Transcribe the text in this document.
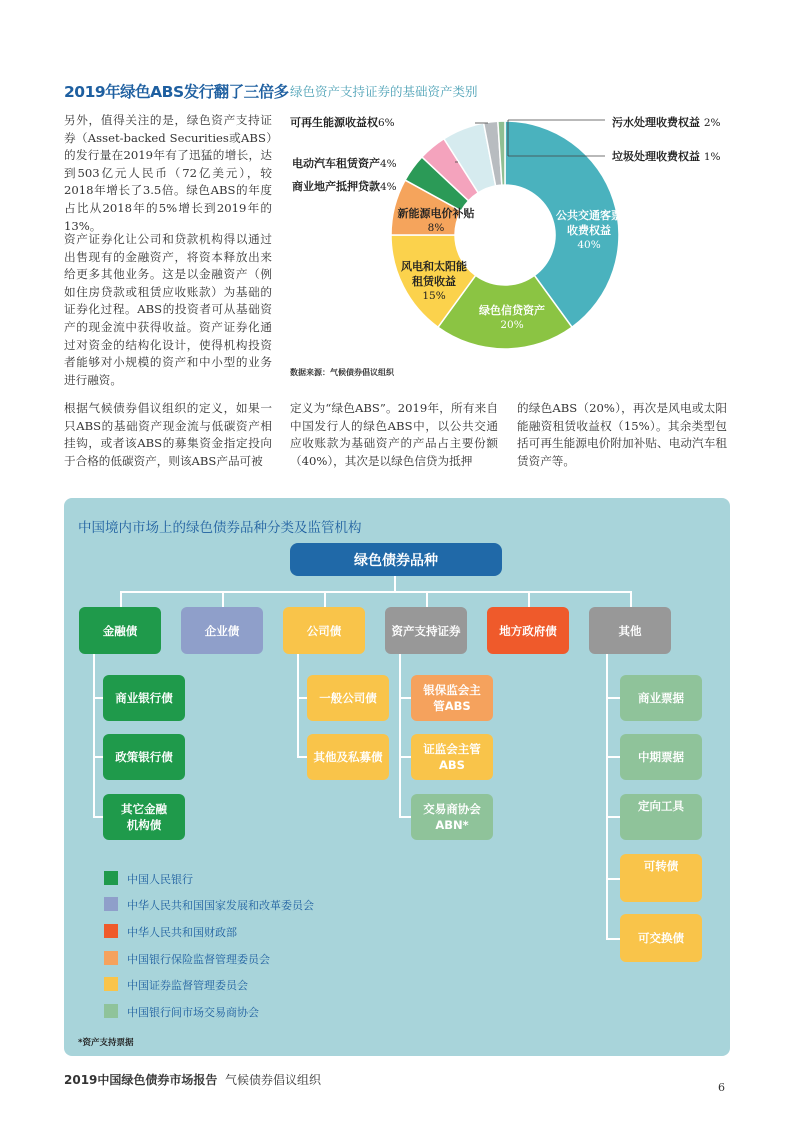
2019年绿色ABS发行翻了三倍多
另外，值得关注的是，绿色资产支持证券（Asset-backed Securities或ABS）的发行量在2019年有了迅猛的增长，达到503亿元人民币（72亿美元），较2018年增长了3.5倍。绿色ABS的年度占比从2018年的5%增长到2019年的13%。
资产证券化让公司和贷款机构得以通过出售现有的金融资产，将资本释放出来给更多其他业务。这是以金融资产（例如住房贷款或租赁应收账款）为基础的证券化过程。ABS的投资者可从基础资产的现金流中获得收益。资产证券化通过对资金的结构化设计，使得机构投资者能够对小规模的资产和中小型的业务进行融资。
绿色资产支持证券的基础资产类别
可再生能源收益权6%
电动汽车租赁资产4%
商业地产抵押贷款4%
污水处理收费权益 2%
垃圾处理收费权益 1%
新能源电价补贴
8%
风电和太阳能租赁收益
15%
绿色信贷资产
20%
公共交通客票收费权益
40%
数据来源：气候债券倡议组织
根据气候债券倡议组织的定义，如果一只ABS的基础资产现金流与低碳资产相挂钩，或者该ABS的募集资金指定投向于合格的低碳资产，则该ABS产品可被
定义为“绿色ABS”。2019年，所有来自中国发行人的绿色ABS中，以公共交通应收账款为基础资产的产品占主要份额（40%），其次是以绿色信贷为抵押
的绿色ABS（20%），再次是风电或太阳能融资租赁收益权（15%）。其余类型包括可再生能源电价附加补贴、电动汽车租赁资产等。
中国境内市场上的绿色债券品种分类及监管机构
绿色债券品种
金融债	企业债	公司债	资产支持证券	地方政府债	其他
商业银行债
政策银行债
其它金融机构债
一般公司债
其他及私募债
银保监会主管ABS
证监会主管ABS
交易商协会ABN*
商业票据
中期票据
定向工具
可转债
可交换债
中国人民银行
中华人民共和国国家发展和改革委员会
中华人民共和国财政部
中国银行保险监督管理委员会
中国证券监督管理委员会
中国银行间市场交易商协会
*资产支持票据
2019中国绿色债券市场报告 气候债券倡议组织
6
